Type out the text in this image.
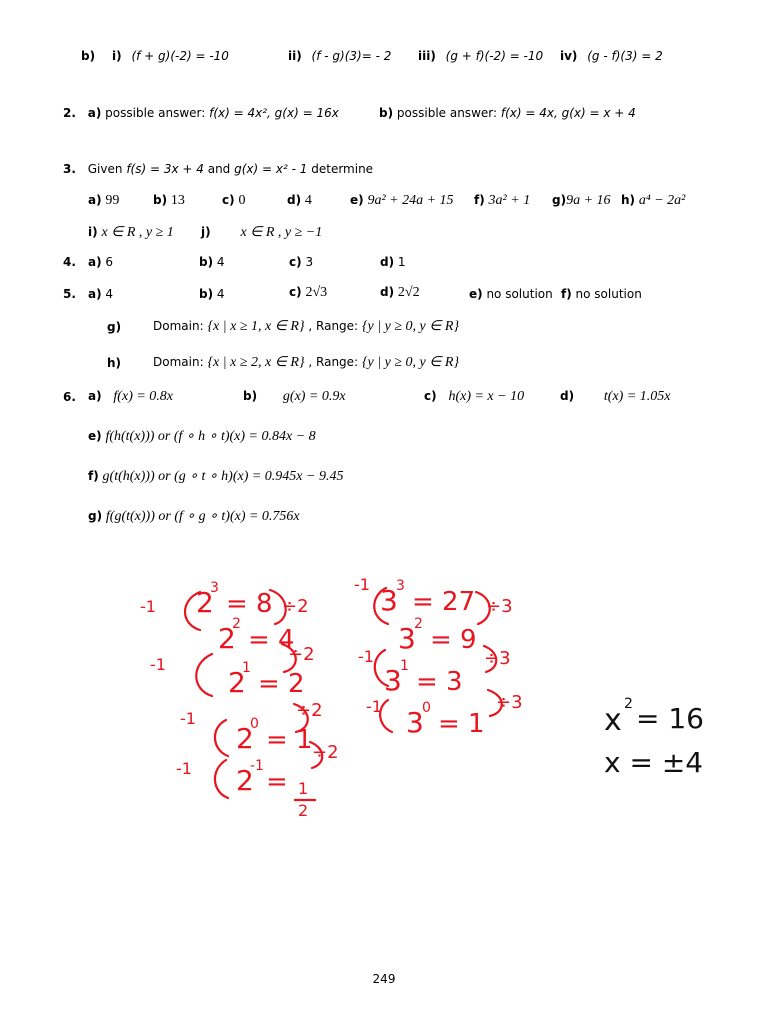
b) i) (f + g)(-2) = -10	ii) (f - g)(3)= - 2 iii) (g + f)(-2) = -10 iv) (g - f)(3) = 2
2. a) possible answer: f(x) = 4x², g(x) = 16x	b) possible answer: f(x) = 4x, g(x) = x + 4
3. Given f(s) = 3x + 4 and g(x) = x² - 1 determine
a) 99	b) 13	c) 0	d) 4	e) 9a² + 24a + 15 f) 3a² + 1 g)9a + 16 h) a⁴ − 2a²
i) x ∈ R , y ≥ 1 j) x ∈ R , y ≥ −1
4. a) 6	b) 4	c) 3	d) 1
5. a) 4	b) 4	c) 2√3	d) 2√2	e) no solution f) no solution
g)	Domain: {x | x ≥ 1, x ∈ R} , Range: {y | y ≥ 0, y ∈ R}
h)	Domain: {x | x ≥ 2, x ∈ R} , Range: {y | y ≥ 0, y ∈ R}
6. a) f(x) = 0.8x	b) g(x) = 0.9x	c) h(x) = x − 10	d) t(x) = 1.05x
e) f(h(t(x))) or (f ∘ h ∘ t)(x) = 0.84x − 8
f) g(t(h(x))) or (g ∘ t ∘ h)(x) = 0.945x − 9.45
g) f(g(t(x))) or (f ∘ g ∘ t)(x) = 0.756x
-1 2
3
= 8 ÷2
2
2
= 4
-1
2
1
= 2
÷2
-1
2
0
= 1
÷2
-1 2
-1
=
÷2
1
2
-1 3
3
= 27 ÷3
3
2
= 9
-1
3
1
= 3
÷3
-1 3
0
= 1
÷3
x 2 = 16
x = ±4
249
